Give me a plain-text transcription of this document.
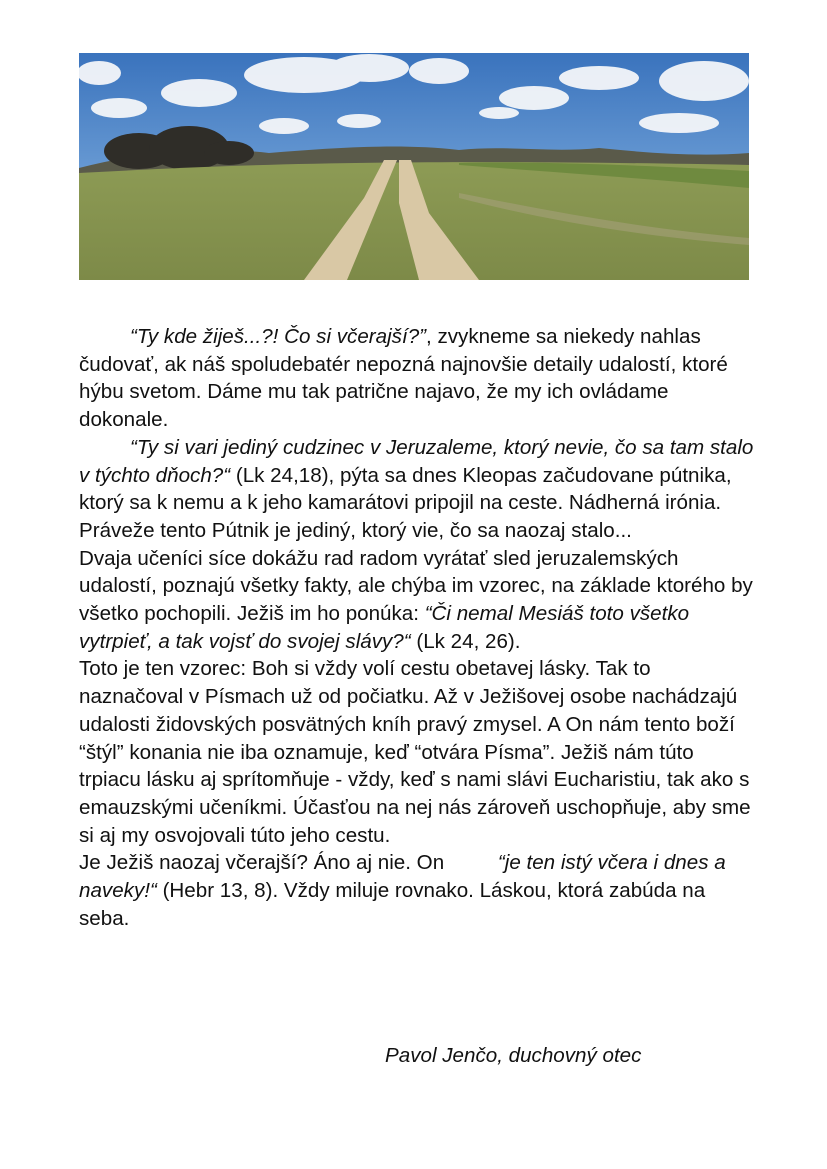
“Ty kde žiješ...?! Čo si včerajší?”, zvykneme sa niekedy nahlas čudovať, ak náš spoludebatér nepozná najnovšie detaily udalostí, ktoré hýbu svetom. Dáme mu tak patrične najavo, že my ich ovládame dokonale.

“Ty si vari jediný cudzinec v Jeruzaleme, ktorý nevie, čo sa tam stalo v týchto dňoch?“ (Lk 24,18), pýta sa dnes Kleopas začudovane pútnika, ktorý sa k nemu a k jeho kamarátovi pripojil na ceste. Nádherná irónia. Práveže tento Pútnik je jediný, ktorý vie, čo sa naozaj stalo...

Dvaja učeníci síce dokážu rad radom vyrátať sled jeruzalemských udalostí, poznajú všetky fakty, ale chýba im vzorec, na základe ktorého by všetko pochopili. Ježiš im ho ponúka: “Či nemal Mesiáš toto všetko vytrpieť, a tak vojsť do svojej slávy?“ (Lk 24, 26).

Toto je ten vzorec: Boh si vždy volí cestu obetavej lásky. Tak to naznačoval v Písmach už od počiatku. Až v Ježišovej osobe nachádzajú udalosti židovských posvätných kníh pravý zmysel. A On nám tento boží “štýl” konania nie iba oznamuje, keď “otvára Písma”. Ježiš nám túto trpiacu lásku aj sprítomňuje - vždy, keď s nami slávi Eucharistiu, tak ako s emauzskými učeníkmi. Účasťou na nej nás zároveň uschopňuje, aby sme si aj my osvojovali túto jeho cestu.

Je Ježiš naozaj včerajší? Áno aj nie. On “je ten istý včera i dnes a naveky!“ (Hebr 13, 8). Vždy miluje rovnako. Láskou, ktorá zabúda na seba.

Pavol Jenčo, duchovný otec
